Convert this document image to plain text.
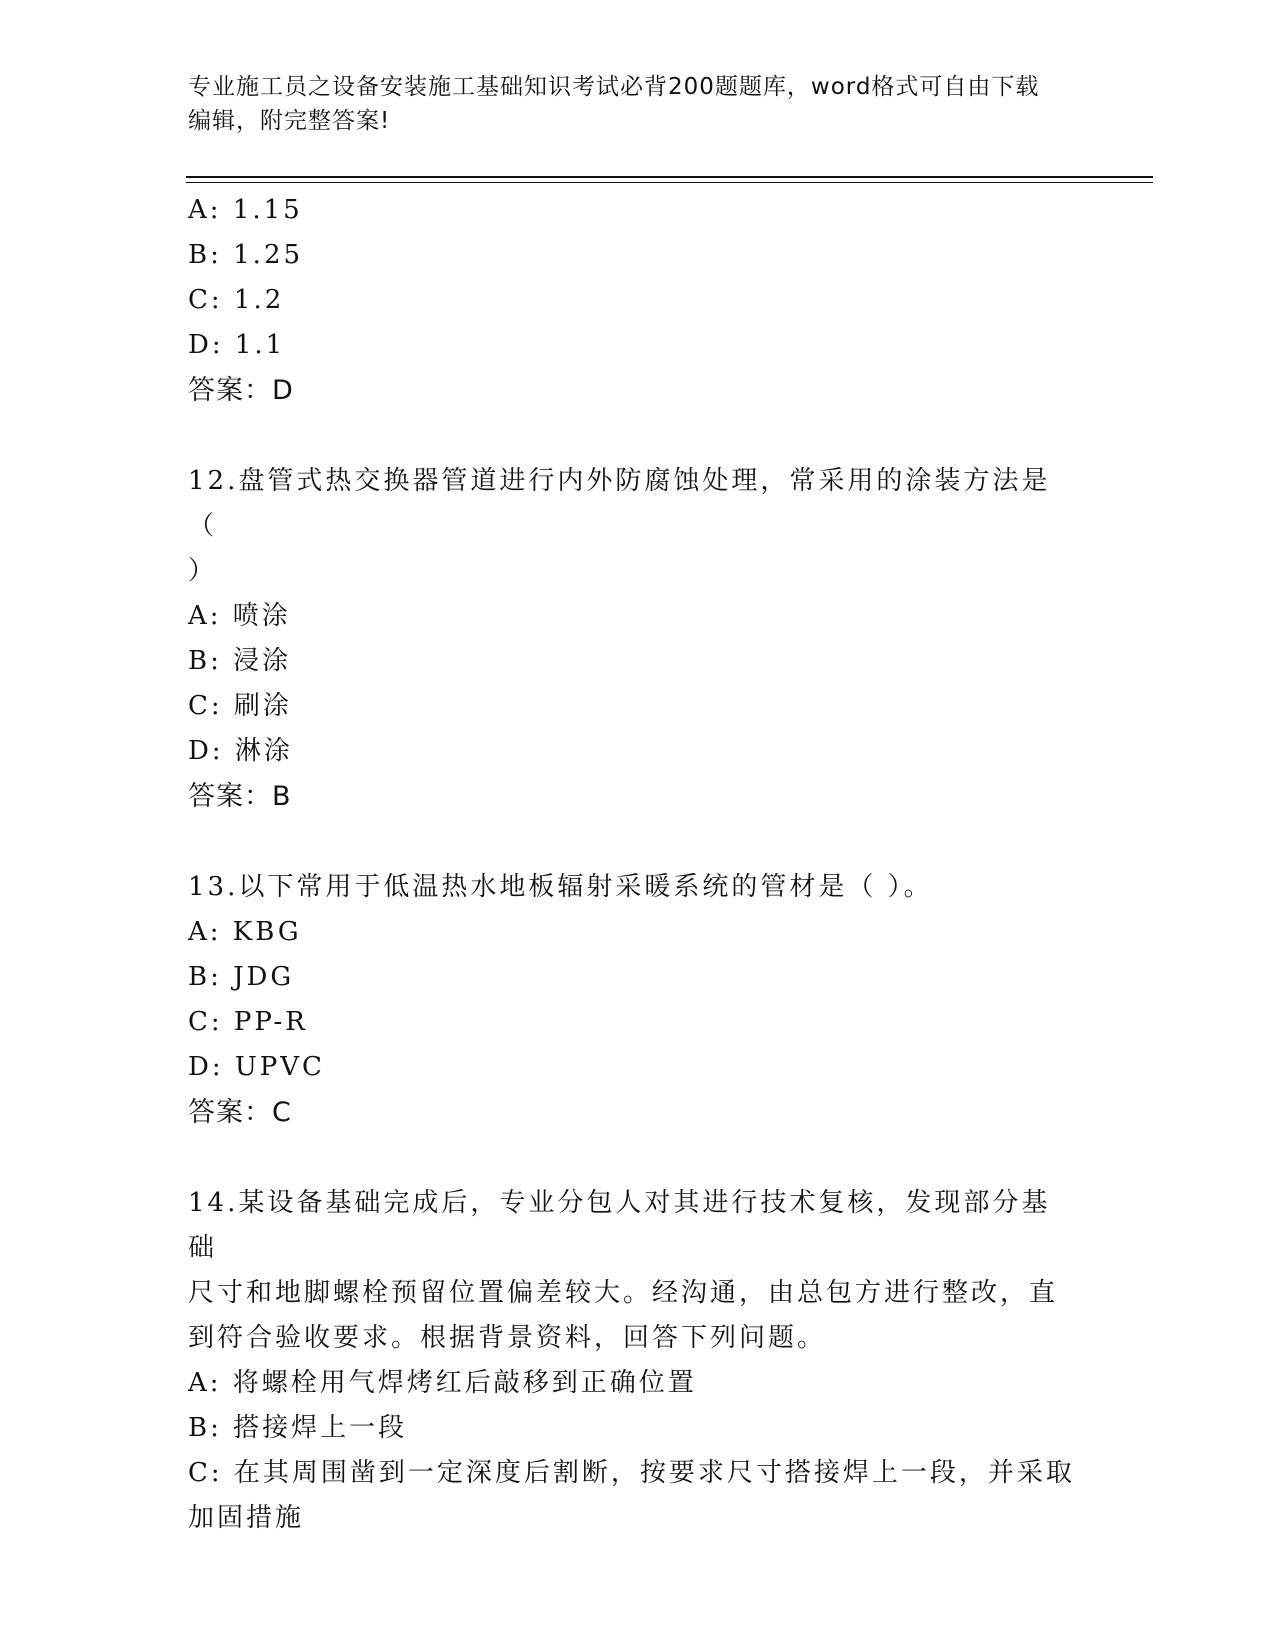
专业施工员之设备安装施工基础知识考试必背200题题库，word格式可自由下载
编辑，附完整答案!
A: 1.15
B: 1.25
C: 1.2
D: 1.1
答案：D
12.盘管式热交换器管道进行内外防腐蚀处理，常采用的涂装方法是（
）
A: 喷涂
B: 浸涂
C: 刷涂
D: 淋涂
答案：B
13.以下常用于低温热水地板辐射采暖系统的管材是（ ）。
A: KBG
B: JDG
C: PP-R
D: UPVC
答案：C
14.某设备基础完成后，专业分包人对其进行技术复核，发现部分基础
尺寸和地脚螺栓预留位置偏差较大。经沟通，由总包方进行整改，直
到符合验收要求。根据背景资料，回答下列问题。
A: 将螺栓用气焊烤红后敲移到正确位置
B: 搭接焊上一段
C: 在其周围凿到一定深度后割断，按要求尺寸搭接焊上一段，并采取
加固措施
